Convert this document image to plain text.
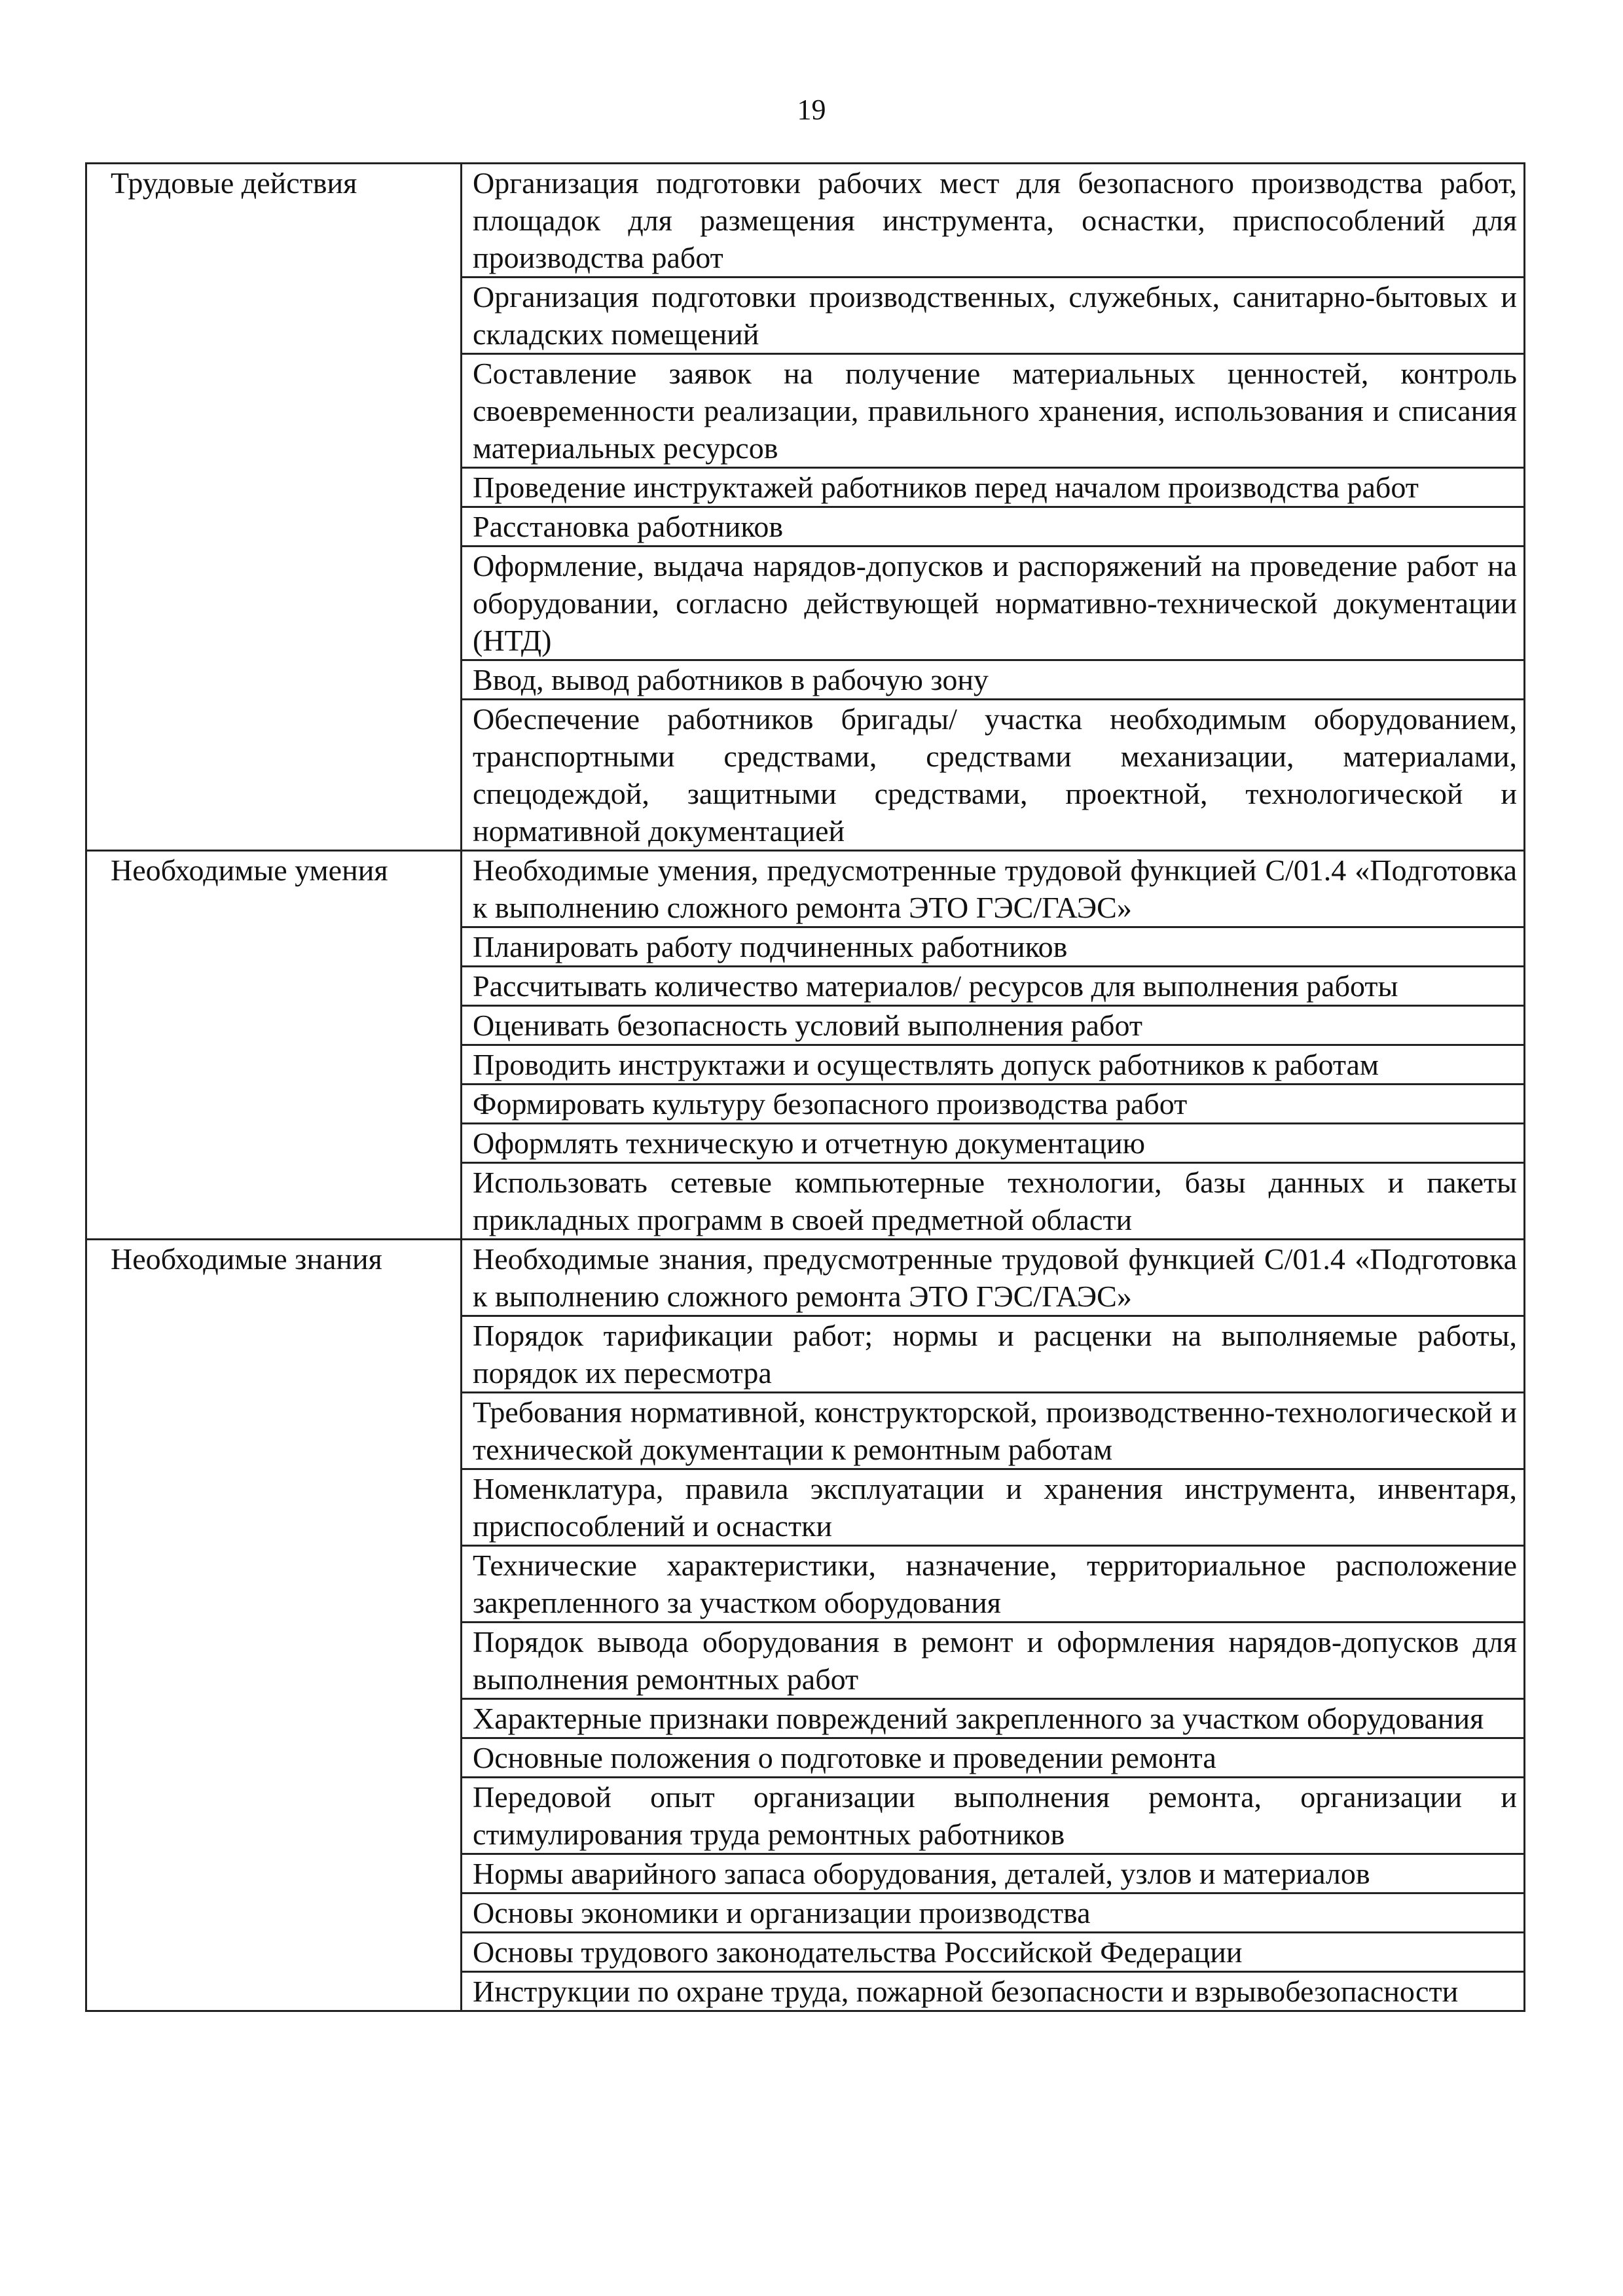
19
Трудовые действия	Организация подготовки рабочих мест для безопасного производства работ, площадок для размещения инструмента, оснастки, приспособлений для производства работ
	Организация подготовки производственных, служебных, санитарно-бытовых и складских помещений
	Составление заявок на получение материальных ценностей, контроль своевременности реализации, правильного хранения, использования и списания материальных ресурсов
	Проведение инструктажей работников перед началом производства работ
	Расстановка работников
	Оформление, выдача нарядов-допусков и распоряжений на проведение работ на оборудовании, согласно действующей нормативно-технической документации (НТД)
	Ввод, вывод работников в рабочую зону
	Обеспечение работников бригады/ участка необходимым оборудованием, транспортными средствами, средствами механизации, материалами, спецодеждой, защитными средствами, проектной, технологической и нормативной документацией
Необходимые умения	Необходимые умения, предусмотренные трудовой функцией С/01.4 «Подготовка к выполнению сложного ремонта ЭТО ГЭС/ГАЭС»
	Планировать работу подчиненных работников
	Рассчитывать количество материалов/ ресурсов для выполнения работы
	Оценивать безопасность условий выполнения работ
	Проводить инструктажи и осуществлять допуск работников к работам
	Формировать культуру безопасного производства работ
	Оформлять техническую и отчетную документацию
	Использовать сетевые компьютерные технологии, базы данных и пакеты прикладных программ в своей предметной области
Необходимые знания	Необходимые знания, предусмотренные трудовой функцией С/01.4 «Подготовка к выполнению сложного ремонта ЭТО ГЭС/ГАЭС»
	Порядок тарификации работ; нормы и расценки на выполняемые работы, порядок их пересмотра
	Требования нормативной, конструкторской, производственно-технологической и технической документации к ремонтным работам
	Номенклатура, правила эксплуатации и хранения инструмента, инвентаря, приспособлений и оснастки
	Технические характеристики, назначение, территориальное расположение закрепленного за участком оборудования
	Порядок вывода оборудования в ремонт и оформления нарядов-допусков для выполнения ремонтных работ
	Характерные признаки повреждений закрепленного за участком оборудования
	Основные положения о подготовке и проведении ремонта
	Передовой опыт организации выполнения ремонта, организации и стимулирования труда ремонтных работников
	Нормы аварийного запаса оборудования, деталей, узлов и материалов
	Основы экономики и организации производства
	Основы трудового законодательства Российской Федерации
	Инструкции по охране труда, пожарной безопасности и взрывобезопасности
